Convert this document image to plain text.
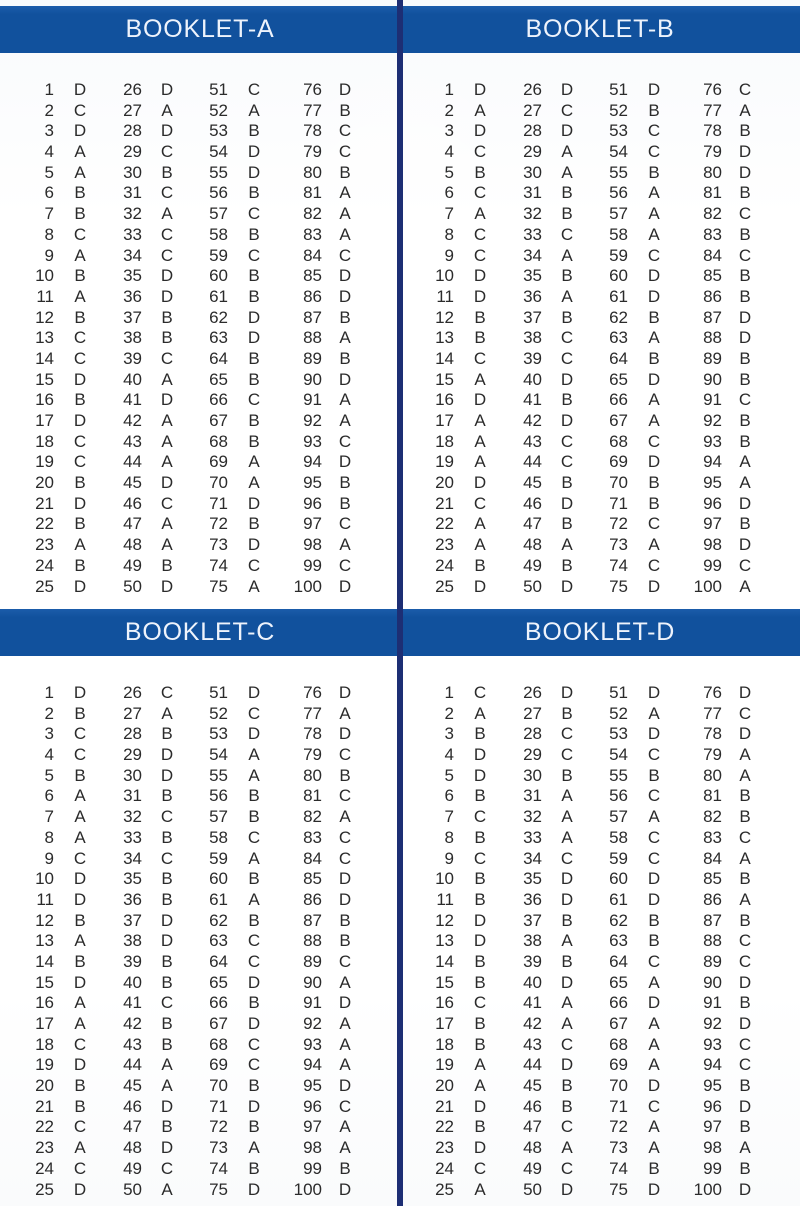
BOOKLET-A
1	D	26	D	51	C	76 D
2	C	27	A	52	A	77	B
3	D	28	D	53	B	78 C
4	A	29	C	54	D	79 C
5	A	30	B	55	D	80	B
6	B	31	C	56	B	81	A
7	B	32	A	57	C	82	A
8	C	33	C	58	B	83	A
9	A	34	C	59	C	84 C
10	B	35	D	60	B	85 D
11	A	36	D	61	B	86 D
12	B	37	B	62	D	87	B
13	C	38	B	63	D	88	A
14	C	39	C	64	B	89	B
15	D	40	A	65	B	90 D
16	B	41	D	66	C	91	A
17	D	42	A	67	B	92	A
18	C	43	A	68	B	93 C
19	C	44	A	69	A	94 D
20	B	45	D	70	A	95	B
21	D	46	C	71	D	96	B
22	B	47	A	72	B	97 C
23	A	48	A	73	D	98	A
24	B	49	B	74	C	99 C
25	D	50	D	75	A	100 D
BOOKLET-B
1	D	26	D	51	D	76 C
2	A	27	C	52	B	77	A
3	D	28	D	53	C	78	B
4	C	29	A	54	C	79 D
5	B	30	A	55	B	80 D
6	C	31	B	56	A	81	B
7	A	32	B	57	A	82 C
8	C	33	C	58	A	83	B
9	C	34	A	59	C	84 C
10	D	35	B	60	D	85	B
11	D	36	A	61	D	86	B
12	B	37	B	62	B	87 D
13	B	38	C	63	A	88 D
14	C	39	C	64	B	89	B
15	A	40	D	65	D	90	B
16	D	41	B	66	A	91 C
17	A	42	D	67	A	92	B
18	A	43	C	68	C	93	B
19	A	44	C	69	D	94	A
20	D	45	B	70	B	95	A
21	C	46	D	71	B	96 D
22	A	47	B	72	C	97	B
23	A	48	A	73	A	98 D
24	B	49	B	74	C	99 C
25	D	50	D	75	D	100	A
BOOKLET-C
1	D	26	C	51	D	76 D
2	B	27	A	52	C	77	A
3	C	28	B	53	D	78 D
4	C	29	D	54	A	79 C
5	B	30	D	55	A	80	B
6	A	31	B	56	B	81 C
7	A	32	C	57	B	82	A
8	A	33	B	58	C	83 C
9	C	34	C	59	A	84 C
10	D	35	B	60	B	85 D
11	D	36	B	61	A	86 D
12	B	37	D	62	B	87	B
13	A	38	D	63	C	88	B
14	B	39	B	64	C	89 C
15	D	40	B	65	D	90	A
16	A	41	C	66	B	91 D
17	A	42	B	67	D	92	A
18	C	43	B	68	C	93	A
19	D	44	A	69	C	94	A
20	B	45	A	70	B	95 D
21	B	46	D	71	D	96 C
22	C	47	B	72	B	97	A
23	A	48	D	73	A	98	A
24	C	49	C	74	B	99	B
25	D	50	A	75	D	100 D
BOOKLET-D
1	C	26	D	51	D	76 D
2	A	27	B	52	A	77 C
3	B	28	C	53	D	78 D
4	D	29	C	54	C	79	A
5	D	30	B	55	B	80	A
6	B	31	A	56	C	81	B
7	C	32	A	57	A	82	B
8	B	33	A	58	C	83 C
9	C	34	C	59	C	84	A
10	B	35	D	60	D	85	B
11	B	36	D	61	D	86	A
12	D	37	B	62	B	87	B
13	D	38	A	63	B	88 C
14	B	39	B	64	C	89 C
15	B	40	D	65	A	90 D
16	C	41	A	66	D	91	B
17	B	42	A	67	A	92 D
18	B	43	C	68	A	93 C
19	A	44	D	69	A	94 C
20	A	45	B	70	D	95	B
21	D	46	B	71	C	96 D
22	B	47	C	72	A	97	B
23	D	48	A	73	A	98	A
24	C	49	C	74	B	99	B
25	A	50	D	75	D	100 D
